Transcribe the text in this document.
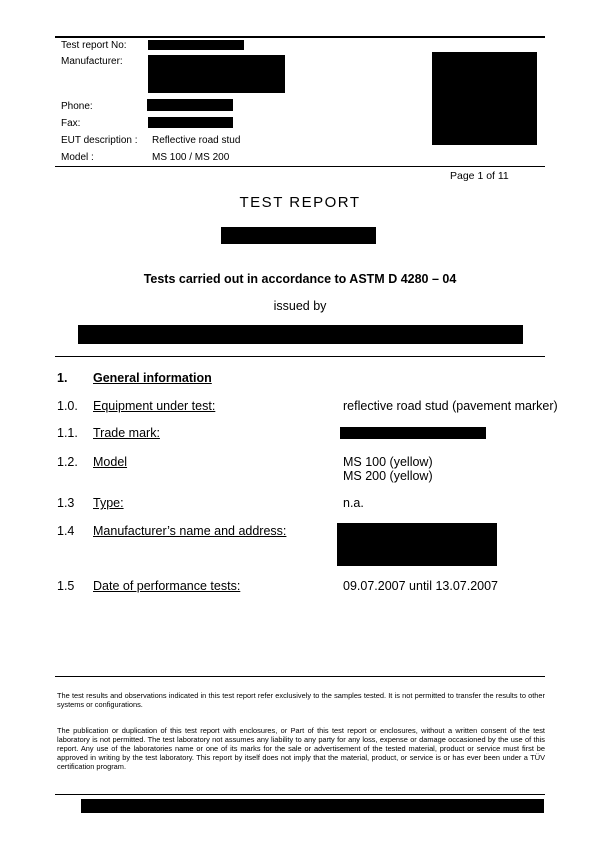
Test report No:
Manufacturer:
Phone:
Fax:
EUT description : Reflective road stud
Model :	MS 100 / MS 200
Page 1 of 11
TEST REPORT
Tests carried out in accordance to ASTM D 4280 – 04
issued by
1. General information
1.0. Equipment under test:	reflective road stud (pavement marker)
1.1. Trade mark:
1.2. Model	MS 100 (yellow)
MS 200 (yellow)
1.3 Type:	n.a.
1.4 Manufacturer’s name and address:
1.5 Date of performance tests:	09.07.2007 until 13.07.2007
The test results and observations indicated in this test report refer exclusively to the samples tested. It is not permitted to transfer the results to other systems or configurations.
The publication or duplication of this test report with enclosures, or Part of this test report or enclosures, without a written consent of the test laboratory is not permitted. The test laboratory not assumes any liability to any party for any loss, expense or damage occasioned by the use of this report. Any use of the laboratories name or one of its marks for the sale or advertisement of the tested material, product or service must first be approved in writing by the test laboratory. This report by itself does not imply that the material, product, or service is or has ever been under a TÜV certification program.
